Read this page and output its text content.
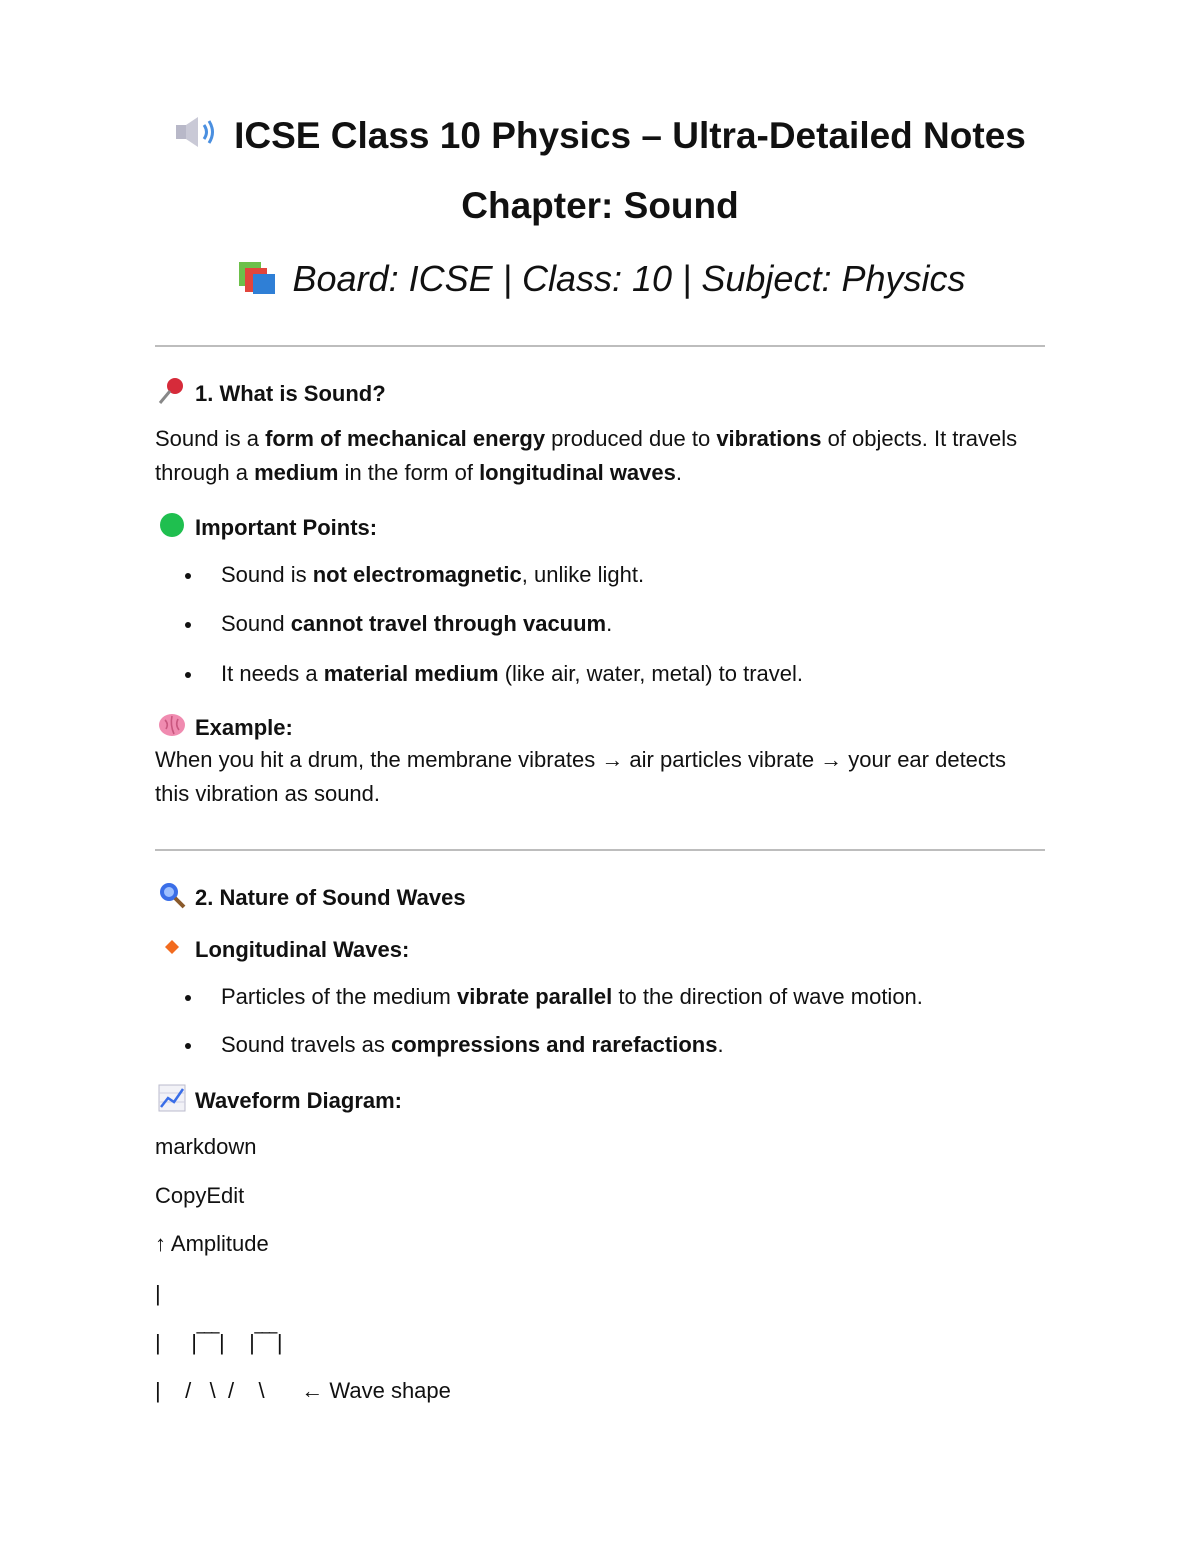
ICSE Class 10 Physics – Ultra-Detailed Notes
Chapter: Sound
Board: ICSE | Class: 10 | Subject: Physics
1. What is Sound?
Sound is a form of mechanical energy produced due to vibrations of objects. It travels through a medium in the form of longitudinal waves.
Important Points:
Sound is not electromagnetic, unlike light.
Sound cannot travel through vacuum.
It needs a material medium (like air, water, metal) to travel.
Example:
When you hit a drum, the membrane vibrates → air particles vibrate → your ear detects this vibration as sound.
2. Nature of Sound Waves
Longitudinal Waves:
Particles of the medium vibrate parallel to the direction of wave motion.
Sound travels as compressions and rarefactions.
Waveform Diagram:
markdown
CopyEdit
↑ Amplitude
|
|     |‾‾‾|    |‾‾‾|
|    /   \  /    \      ← Wave shape
